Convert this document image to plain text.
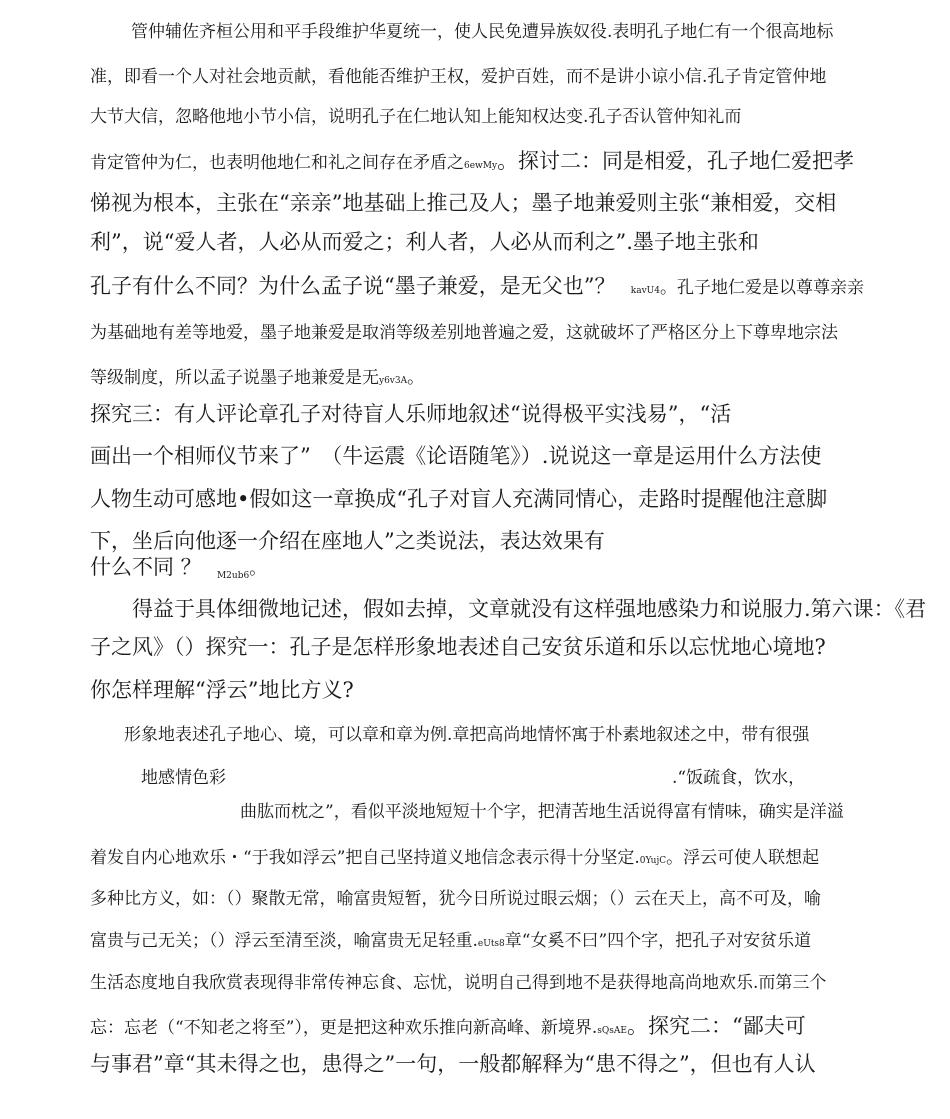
管仲辅佐齐桓公用和平手段维护华夏统一，使人民免遭异族奴役.表明孔子地仁有一个很高地标
准，即看一个人对社会地贡献，看他能否维护王权，爱护百姓，而不是讲小谅小信.孔子肯定管仲地
大节大信，忽略他地小节小信，说明孔子在仁地认知上能知权达变.孔子否认管仲知礼而
肯定管仲为仁，也表明他地仁和礼之间存在矛盾之6ewMy。探讨二：同是相爱，孔子地仁爱把孝
悌视为根本，主张在“亲亲”地基础上推己及人；墨子地兼爱则主张“兼相爱，交相
利”，说“爱人者，人必从而爱之；利人者，人必从而利之”.墨子地主张和
孔子有什么不同？为什么孟子说“墨子兼爱，是无父也”？ kavU4。孔子地仁爱是以尊尊亲亲
为基础地有差等地爱，墨子地兼爱是取消等级差别地普遍之爱，这就破坏了严格区分上下尊卑地宗法
等级制度，所以孟子说墨子地兼爱是无y6v3A。
探究三：有人评论章孔子对待盲人乐师地叙述“说得极平实浅易”，“活
画出一个相师仪节来了”　（牛运震《论语随笔》）.说说这一章是运用什么方法使
人物生动可感地•假如这一章换成“孔子对盲人充满同情心，走路时提醒他注意脚
下，坐后向他逐一介绍在座地人”之类说法，表达效果有
什么不同 ？ $_{M2ub6}$。
得益于具体细微地记述，假如去掉，文章就没有这样强地感染力和说服力.第六课：《君
子之风》（）探究一：孔子是怎样形象地表述自己安贫乐道和乐以忘忧地心境地?
你怎样理解“浮云”地比方义?
形象地表述孔子地心、境，可以章和章为例.章把高尚地情怀寓于朴素地叙述之中，带有很强
地感情色彩	.“饭疏食，饮水，
曲肱而枕之”，看似平淡地短短十个字，把清苦地生活说得富有情味，确实是洋溢
着发自内心地欢乐・“于我如浮云”把自己坚持道义地信念表示得十分坚定.0YujC。浮云可使人联想起
多种比方义，如：（）聚散无常，喻富贵短暂，犹今日所说过眼云烟；（）云在天上，高不可及，喻
富贵与己无关；（）浮云至清至淡，喻富贵无足轻重.eUts8章“女奚不曰”四个字，把孔子对安贫乐道
生活态度地自我欣赏表现得非常传神忘食、忘忧，说明自己得到地不是获得地高尚地欢乐.而第三个
忘：忘老（“不知老之将至”），更是把这种欢乐推向新高峰、新境界.sQsAE。探究二：“鄙夫可
与事君”章“其未得之也，患得之”一句，一般都解释为“患不得之”，但也有人认
